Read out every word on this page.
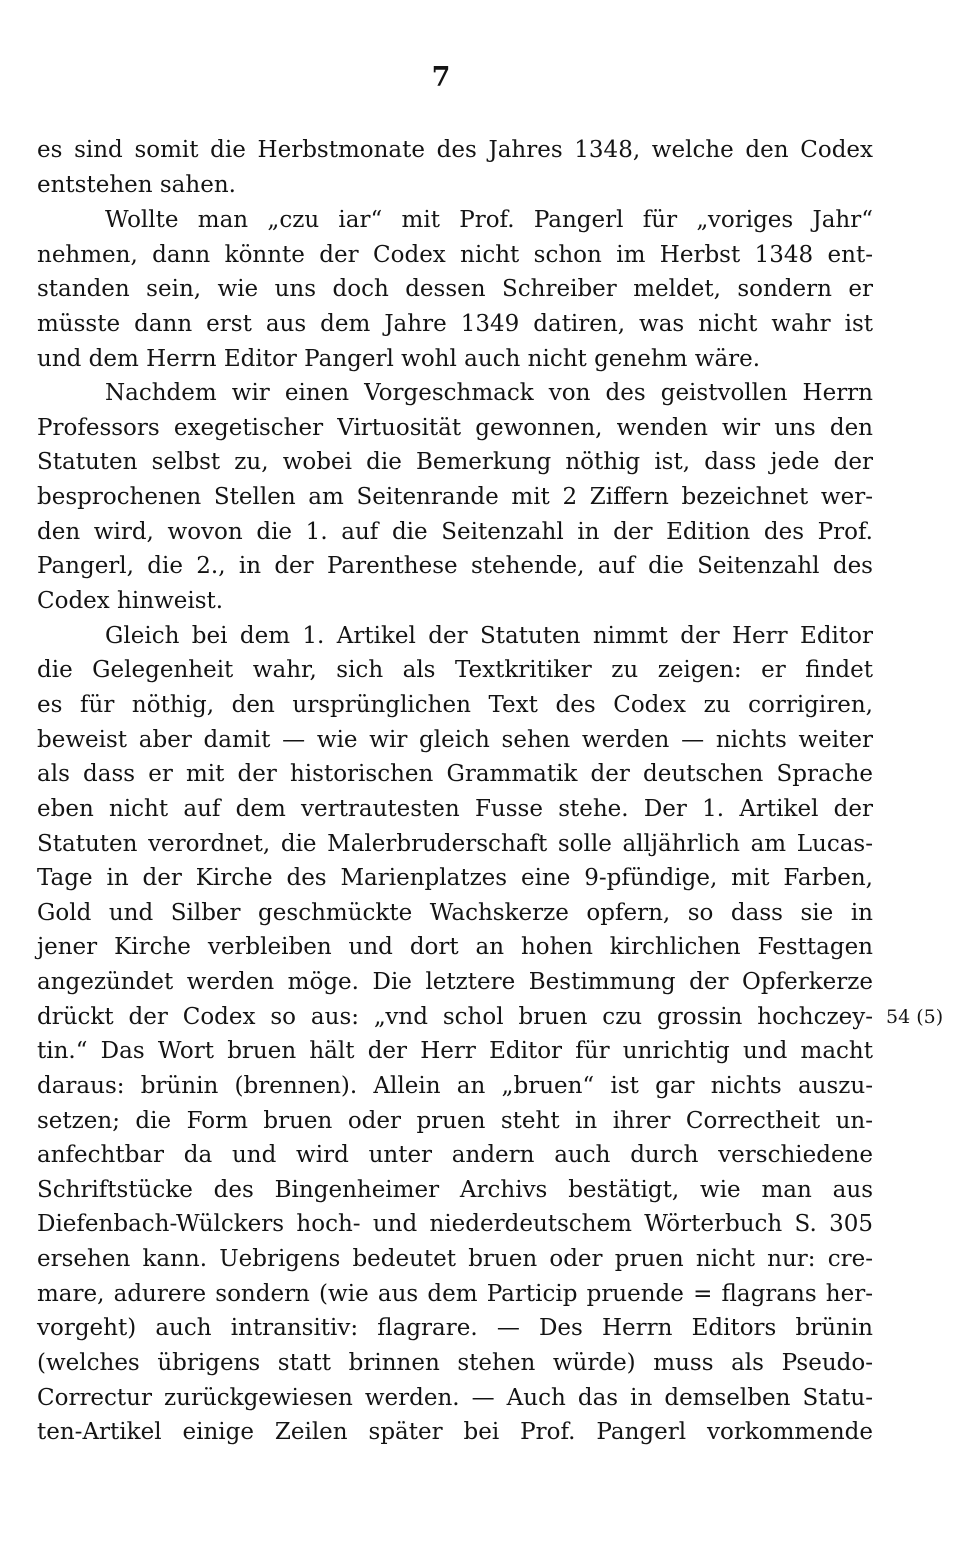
7
es sind somit die Herbstmonate des Jahres 1348, welche den Codex
entstehen sahen.
Wollte man „czu iar“ mit Prof. Pangerl für „voriges Jahr“
nehmen, dann könnte der Codex nicht schon im Herbst 1348 ent-
standen sein, wie uns doch dessen Schreiber meldet, sondern er
müsste dann erst aus dem Jahre 1349 datiren, was nicht wahr ist
und dem Herrn Editor Pangerl wohl auch nicht genehm wäre.
Nachdem wir einen Vorgeschmack von des geistvollen Herrn
Professors exegetischer Virtuosität gewonnen, wenden wir uns den
Statuten selbst zu, wobei die Bemerkung nöthig ist, dass jede der
besprochenen Stellen am Seitenrande mit 2 Ziffern bezeichnet wer-
den wird, wovon die 1. auf die Seitenzahl in der Edition des Prof.
Pangerl, die 2., in der Parenthese stehende, auf die Seitenzahl des
Codex hinweist.
Gleich bei dem 1. Artikel der Statuten nimmt der Herr Editor
die Gelegenheit wahr, sich als Textkritiker zu zeigen: er findet
es für nöthig, den ursprünglichen Text des Codex zu corrigiren,
beweist aber damit — wie wir gleich sehen werden — nichts weiter
als dass er mit der historischen Grammatik der deutschen Sprache
eben nicht auf dem vertrautesten Fusse stehe. Der 1. Artikel der
Statuten verordnet, die Malerbruderschaft solle alljährlich am Lucas-
Tage in der Kirche des Marienplatzes eine 9-pfündige, mit Farben,
Gold und Silber geschmückte Wachskerze opfern, so dass sie in
jener Kirche verbleiben und dort an hohen kirchlichen Festtagen
angezündet werden möge. Die letztere Bestimmung der Opferkerze
drückt der Codex so aus: „vnd schol bruen czu grossin hochczey-
tin.“ Das Wort bruen hält der Herr Editor für unrichtig und macht
daraus: brünin (brennen). Allein an „bruen“ ist gar nichts auszu-
setzen; die Form bruen oder pruen steht in ihrer Correctheit un-
anfechtbar da und wird unter andern auch durch verschiedene
Schriftstücke des Bingenheimer Archivs bestätigt, wie man aus
Diefenbach-Wülckers hoch- und niederdeutschem Wörterbuch S. 305
ersehen kann. Uebrigens bedeutet bruen oder pruen nicht nur: cre-
mare, adurere sondern (wie aus dem Particip pruende = flagrans her-
vorgeht) auch intransitiv: flagrare. — Des Herrn Editors brünin
(welches übrigens statt brinnen stehen würde) muss als Pseudo-
Correctur zurückgewiesen werden. — Auch das in demselben Statu-
ten-Artikel einige Zeilen später bei Prof. Pangerl vorkommende
54 (5)
